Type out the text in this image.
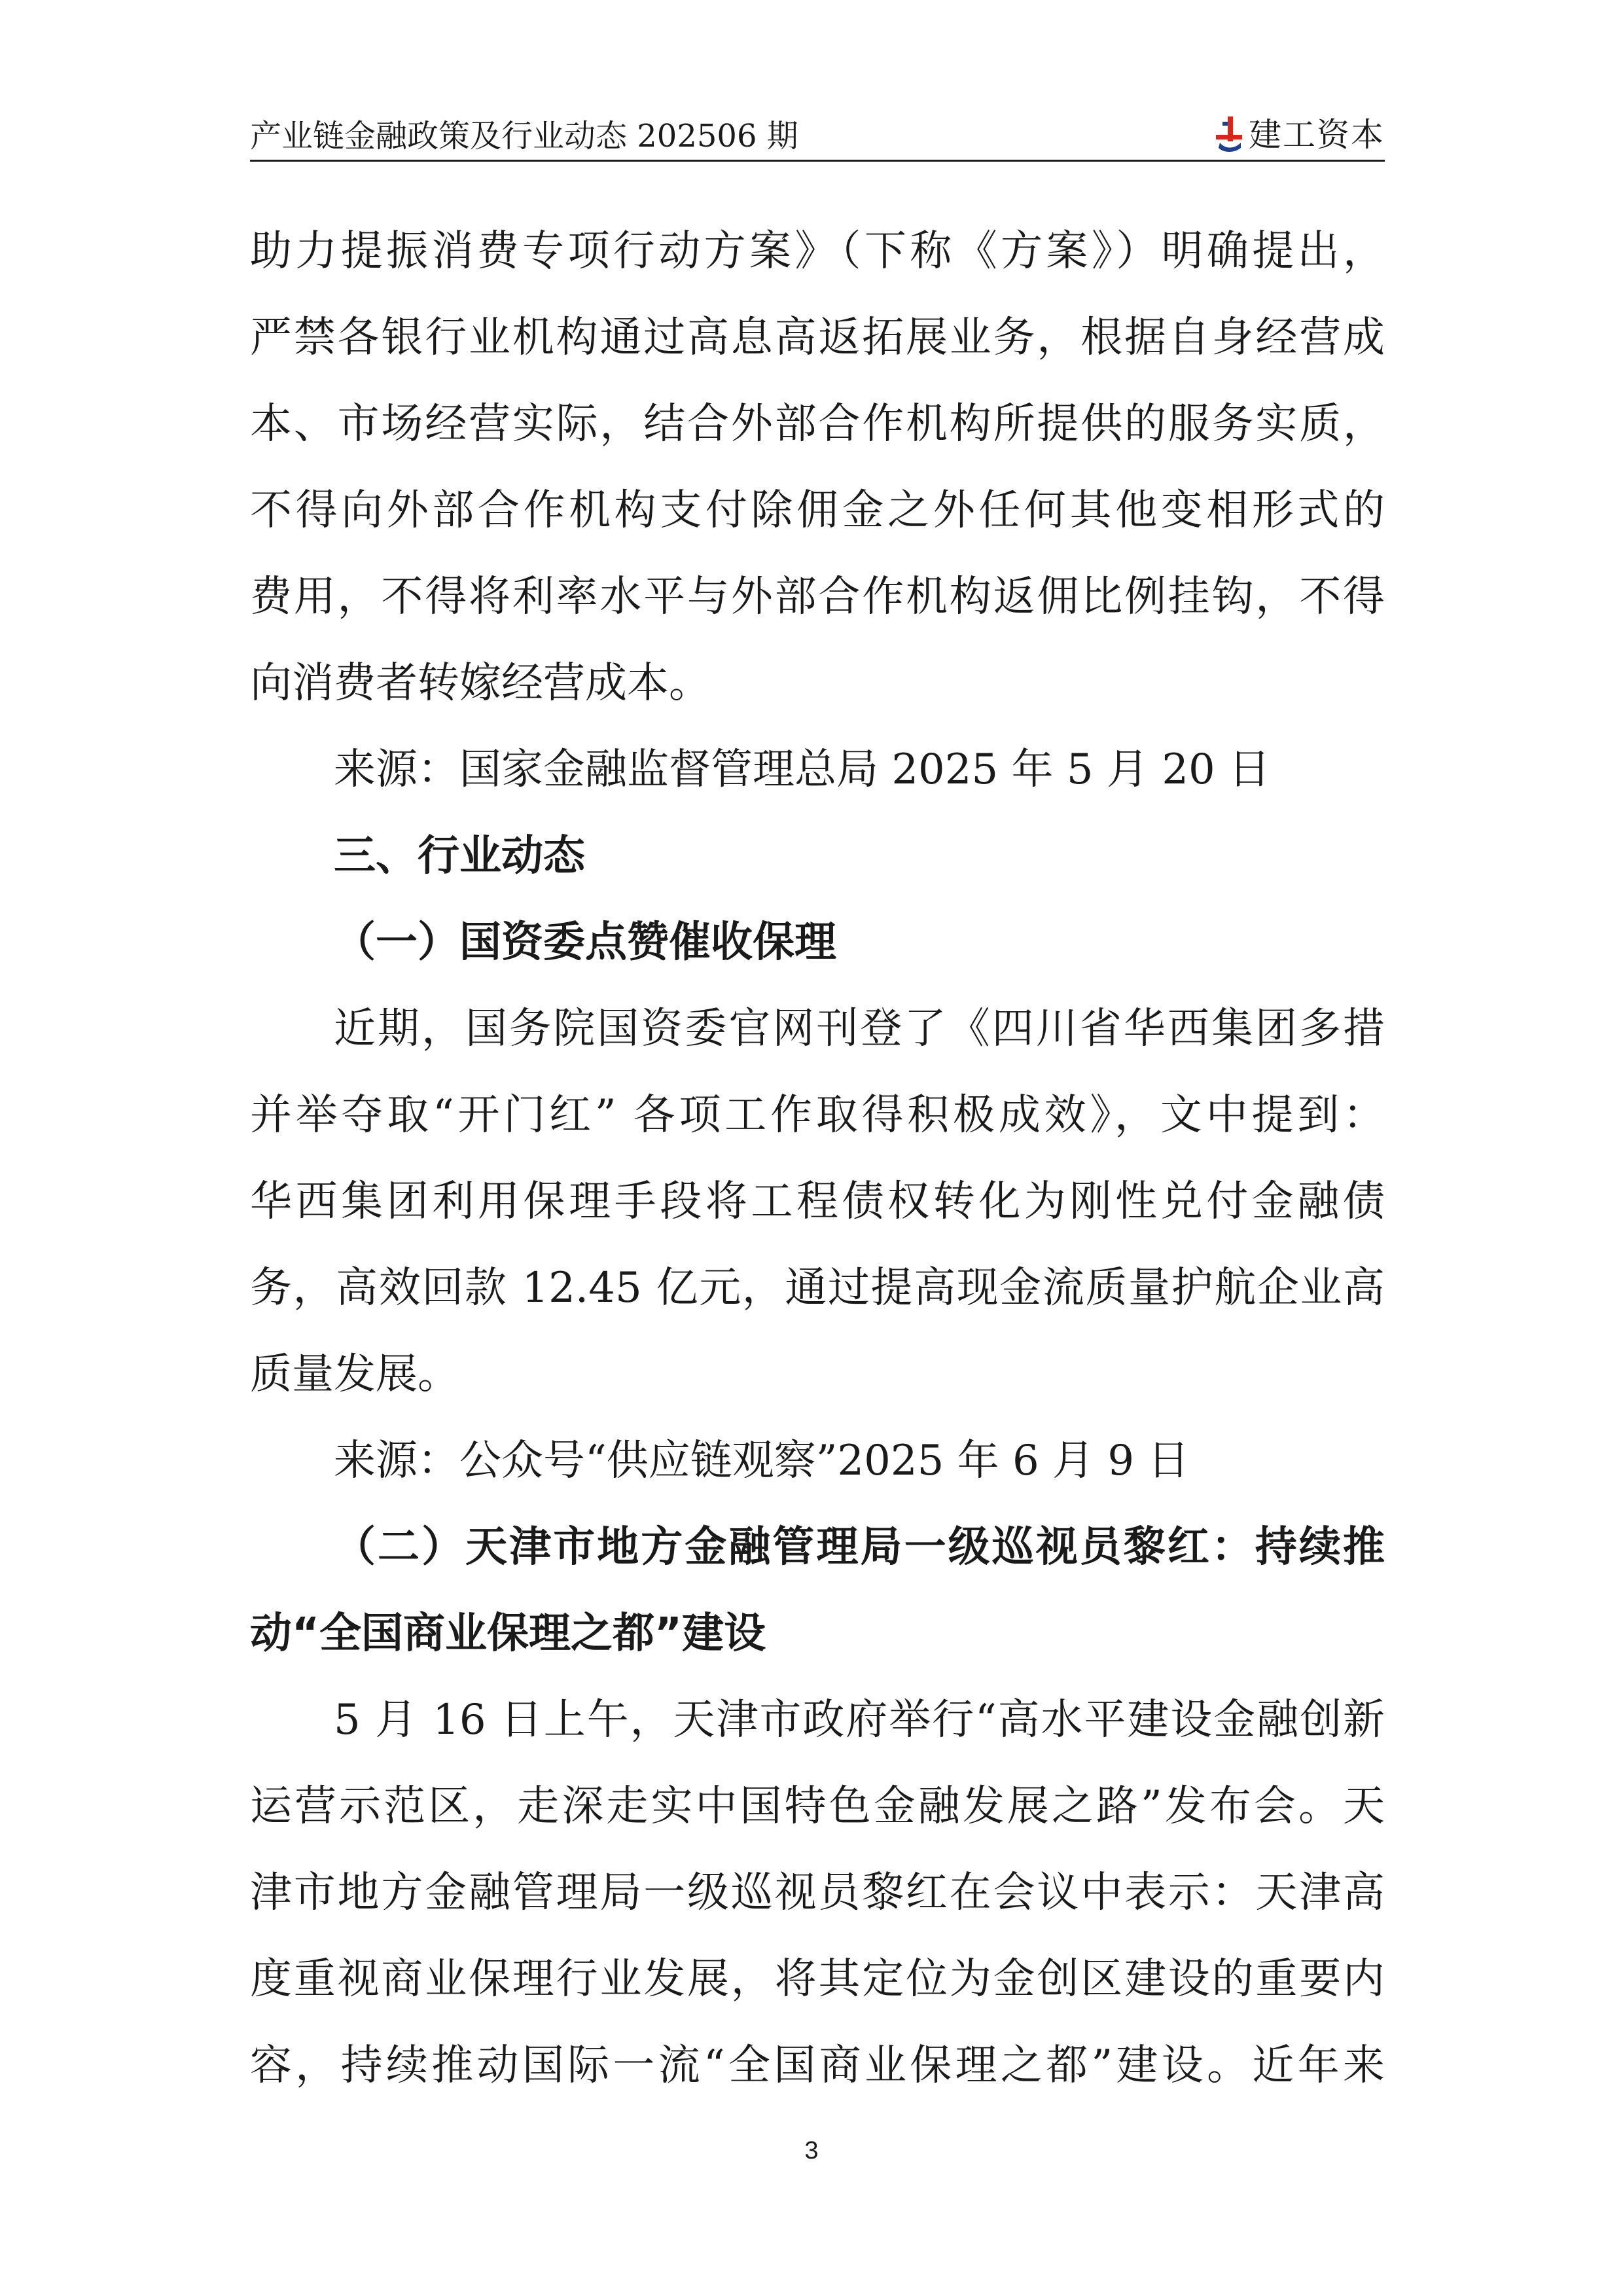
产业链金融政策及行业动态 202506 期	建工资本
助力提振消费专项行动方案》（下称《方案》）明确提出，
严禁各银行业机构通过高息高返拓展业务，根据自身经营成
本、市场经营实际，结合外部合作机构所提供的服务实质，
不得向外部合作机构支付除佣金之外任何其他变相形式的
费用，不得将利率水平与外部合作机构返佣比例挂钩，不得
向消费者转嫁经营成本。
来源：国家金融监督管理总局 2025 年 5 月 20 日
三、行业动态
（一）国资委点赞催收保理
近期，国务院国资委官网刊登了《四川省华西集团多措
并举夺取“开门红” 各项工作取得积极成效》，文中提到：
华西集团利用保理手段将工程债权转化为刚性兑付金融债
务，高效回款 12.45 亿元，通过提高现金流质量护航企业高
质量发展。
来源：公众号“供应链观察”2025 年 6 月 9 日
（二）天津市地方金融管理局一级巡视员黎红：持续推
动“全国商业保理之都”建设
5 月 16 日上午，天津市政府举行“高水平建设金融创新
运营示范区，走深走实中国特色金融发展之路”发布会。天
津市地方金融管理局一级巡视员黎红在会议中表示：天津高
度重视商业保理行业发展，将其定位为金创区建设的重要内
容，持续推动国际一流“全国商业保理之都”建设。近年来
3
